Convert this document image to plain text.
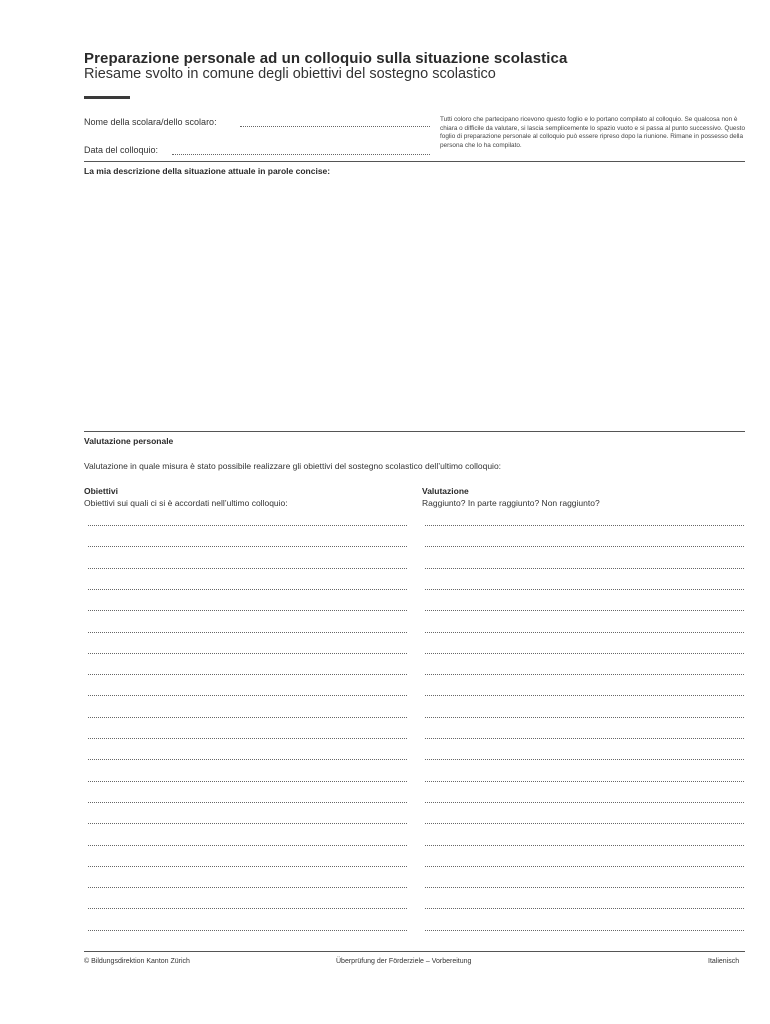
Preparazione personale ad un colloquio sulla situazione scolastica
Riesame svolto in comune degli obiettivi del sostegno scolastico
Nome della scolara/dello scolaro:
Data del colloquio:
Tutti coloro che partecipano ricevono questo foglio e lo portano compilato al colloquio. Se qualcosa non è chiara o difficile da valutare, si lascia semplicemente lo spazio vuoto e si passa al punto successivo. Questo foglio di preparazione personale al colloquio può essere ripreso dopo la riunione. Rimane in possesso della persona che lo ha compilato.
La mia descrizione della situazione attuale in parole concise:
Valutazione personale
Valutazione in quale misura è stato possibile realizzare gli obiettivi del sostegno scolastico dell’ultimo colloquio:
Obiettivi
Obiettivi sui quali ci si è accordati nell’ultimo colloquio:
Valutazione
Raggiunto? In parte raggiunto? Non raggiunto?
© Bildungsdirektion Kanton Zürich	Überprüfung der Förderziele – Vorbereitung	Italienisch
